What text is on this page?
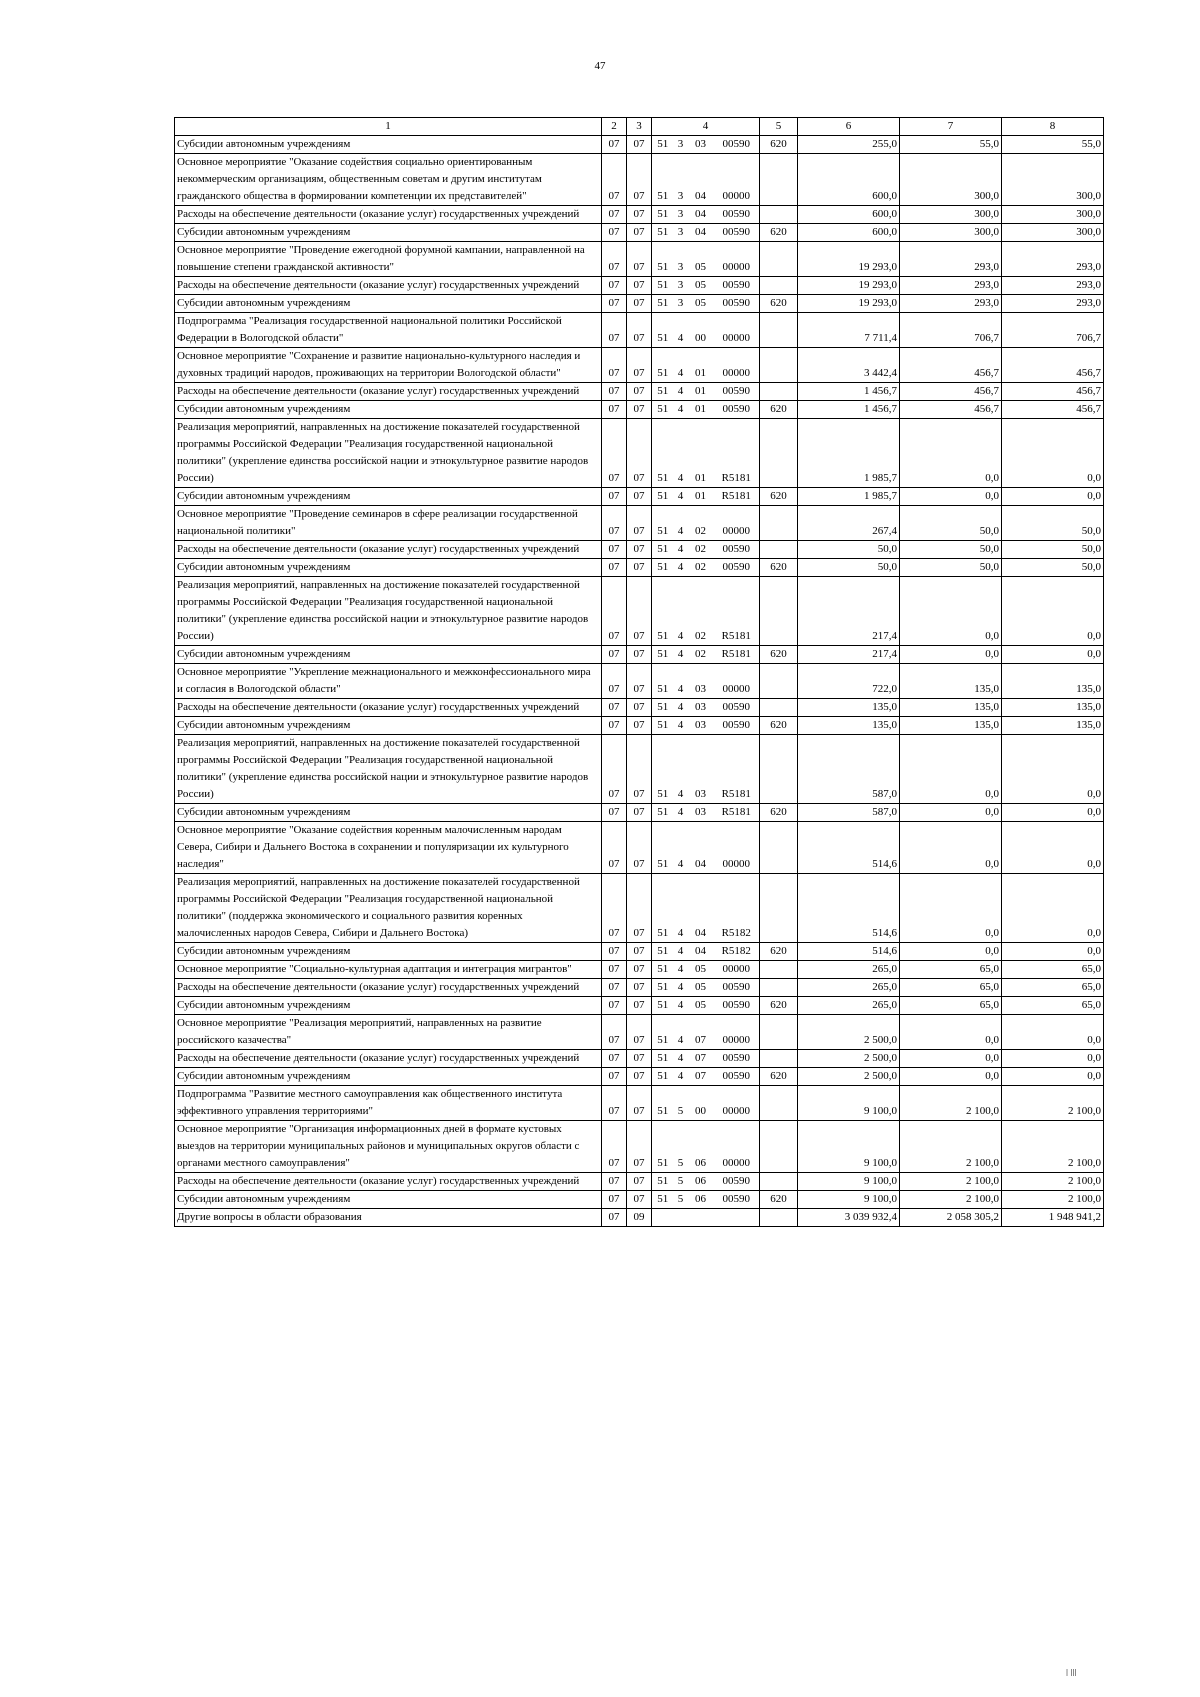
47
1	2	3	4				5	6	7	8
Субсидии автономным учреждениям	07	07	51	3	03	00590	620	255,0	55,0	55,0
Основное мероприятие "Оказание содействия социально ориентированным некоммерческим организациям, общественным советам и другим институтам гражданского общества в формировании компетенции их представителей"	07	07	51	3	04	00000		600,0	300,0	300,0
Расходы на обеспечение деятельности (оказание услуг) государственных учреждений	07	07	51	3	04	00590		600,0	300,0	300,0
Субсидии автономным учреждениям	07	07	51	3	04	00590	620	600,0	300,0	300,0
Основное мероприятие "Проведение ежегодной форумной кампании, направленной на повышение степени гражданской активности"	07	07	51	3	05	00000		19 293,0	293,0	293,0
Расходы на обеспечение деятельности (оказание услуг) государственных учреждений	07	07	51	3	05	00590		19 293,0	293,0	293,0
Субсидии автономным учреждениям	07	07	51	3	05	00590	620	19 293,0	293,0	293,0
Подпрограмма "Реализация государственной национальной политики Российской Федерации в Вологодской области"	07	07	51	4	00	00000		7 711,4	706,7	706,7
Основное мероприятие "Сохранение и развитие национально-культурного наследия и духовных традиций народов, проживающих на территории Вологодской области"	07	07	51	4	01	00000		3 442,4	456,7	456,7
Расходы на обеспечение деятельности (оказание услуг) государственных учреждений	07	07	51	4	01	00590		1 456,7	456,7	456,7
Субсидии автономным учреждениям	07	07	51	4	01	00590	620	1 456,7	456,7	456,7
Реализация мероприятий, направленных на достижение показателей государственной программы Российской Федерации "Реализация государственной национальной политики" (укрепление единства российской нации и этнокультурное развитие народов России)	07	07	51	4	01	R5181		1 985,7	0,0	0,0
Субсидии автономным учреждениям	07	07	51	4	01	R5181	620	1 985,7	0,0	0,0
Основное мероприятие "Проведение семинаров в сфере реализации государственной национальной политики"	07	07	51	4	02	00000		267,4	50,0	50,0
Расходы на обеспечение деятельности (оказание услуг) государственных учреждений	07	07	51	4	02	00590		50,0	50,0	50,0
Субсидии автономным учреждениям	07	07	51	4	02	00590	620	50,0	50,0	50,0
Реализация мероприятий, направленных на достижение показателей государственной программы Российской Федерации "Реализация государственной национальной политики" (укрепление единства российской нации и этнокультурное развитие народов России)	07	07	51	4	02	R5181		217,4	0,0	0,0
Субсидии автономным учреждениям	07	07	51	4	02	R5181	620	217,4	0,0	0,0
Основное мероприятие "Укрепление межнационального и межконфессионального мира и согласия в Вологодской области"	07	07	51	4	03	00000		722,0	135,0	135,0
Расходы на обеспечение деятельности (оказание услуг) государственных учреждений	07	07	51	4	03	00590		135,0	135,0	135,0
Субсидии автономным учреждениям	07	07	51	4	03	00590	620	135,0	135,0	135,0
Реализация мероприятий, направленных на достижение показателей государственной программы Российской Федерации "Реализация государственной национальной политики" (укрепление единства российской нации и этнокультурное развитие народов России)	07	07	51	4	03	R5181		587,0	0,0	0,0
Субсидии автономным учреждениям	07	07	51	4	03	R5181	620	587,0	0,0	0,0
Основное мероприятие "Оказание содействия коренным малочисленным народам Севера, Сибири и Дальнего Востока в сохранении и популяризации их культурного наследия"	07	07	51	4	04	00000		514,6	0,0	0,0
Реализация мероприятий, направленных на достижение показателей государственной программы Российской Федерации "Реализация государственной национальной политики" (поддержка экономического и социального развития коренных малочисленных народов Севера, Сибири и Дальнего Востока)	07	07	51	4	04	R5182		514,6	0,0	0,0
Субсидии автономным учреждениям	07	07	51	4	04	R5182	620	514,6	0,0	0,0
Основное мероприятие "Социально-культурная адаптация и интеграция мигрантов"	07	07	51	4	05	00000		265,0	65,0	65,0
Расходы на обеспечение деятельности (оказание услуг) государственных учреждений	07	07	51	4	05	00590		265,0	65,0	65,0
Субсидии автономным учреждениям	07	07	51	4	05	00590	620	265,0	65,0	65,0
Основное мероприятие "Реализация мероприятий, направленных на развитие российского казачества"	07	07	51	4	07	00000		2 500,0	0,0	0,0
Расходы на обеспечение деятельности (оказание услуг) государственных учреждений	07	07	51	4	07	00590		2 500,0	0,0	0,0
Субсидии автономным учреждениям	07	07	51	4	07	00590	620	2 500,0	0,0	0,0
Подпрограмма "Развитие местного самоуправления как общественного института эффективного управления территориями"	07	07	51	5	00	00000		9 100,0	2 100,0	2 100,0
Основное мероприятие "Организация информационных дней в формате кустовых выездов на территории муниципальных районов и муниципальных округов области с органами местного самоуправления"	07	07	51	5	06	00000		9 100,0	2 100,0	2 100,0
Расходы на обеспечение деятельности (оказание услуг) государственных учреждений	07	07	51	5	06	00590		9 100,0	2 100,0	2 100,0
Субсидии автономным учреждениям	07	07	51	5	06	00590	620	9 100,0	2 100,0	2 100,0
Другие вопросы в области образования	07	09						3 039 932,4	2 058 305,2	1 948 941,2
ǀ ǀǀǀ
